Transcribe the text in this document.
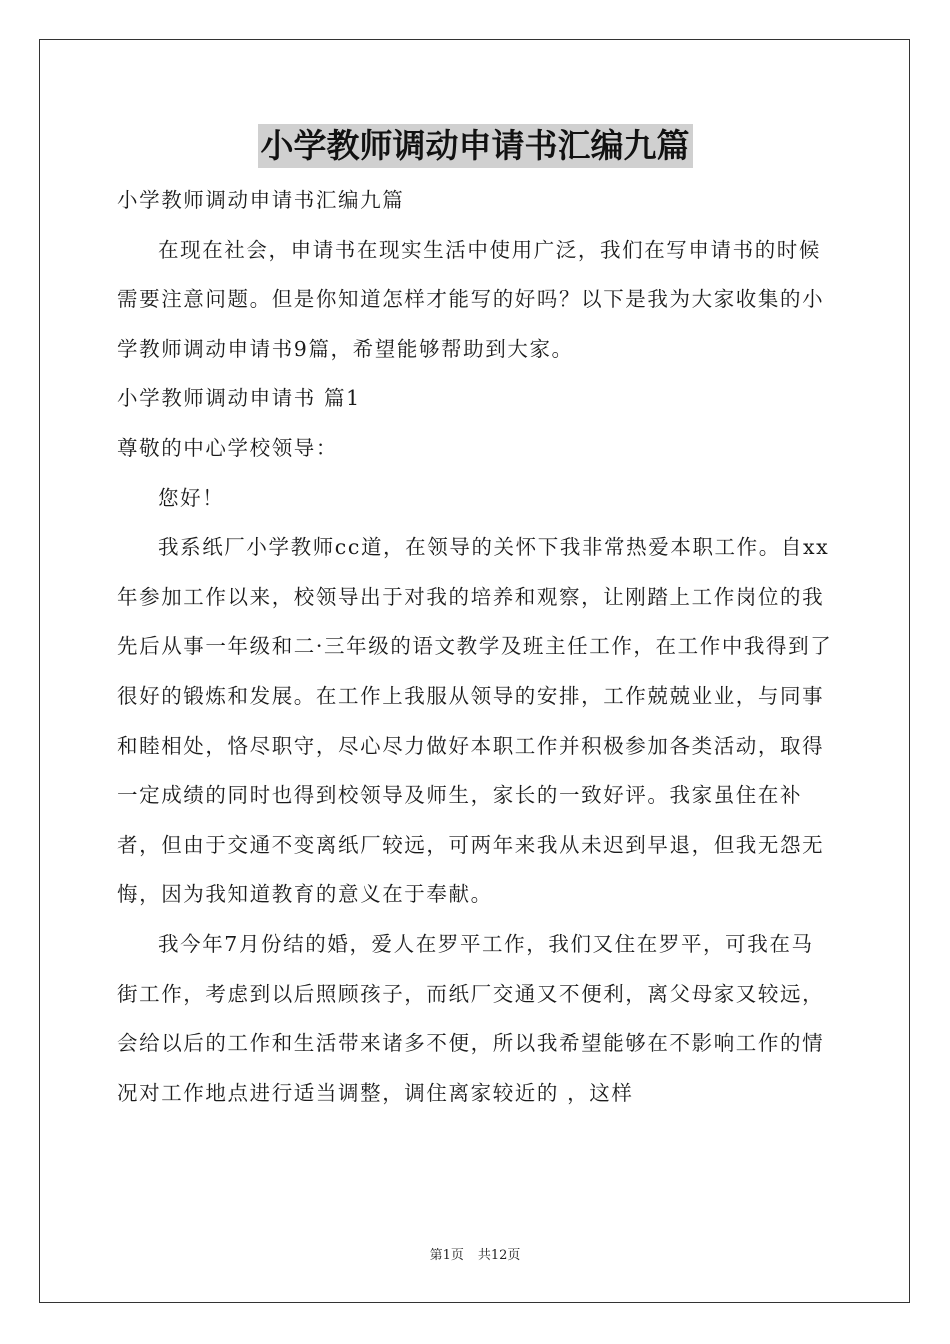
小学教师调动申请书汇编九篇

小学教师调动申请书汇编九篇

在现在社会，申请书在现实生活中使用广泛，我们在写申请书的时候需要注意问题。但是你知道怎样才能写的好吗？以下是我为大家收集的小学教师调动申请书9篇，希望能够帮助到大家。

小学教师调动申请书 篇1

尊敬的中心学校领导：

您好！

我系纸厂小学教师cc道，在领导的关怀下我非常热爱本职工作。自xx年参加工作以来，校领导出于对我的培养和观察，让刚踏上工作岗位的我先后从事一年级和二·三年级的语文教学及班主任工作，在工作中我得到了很好的锻炼和发展。在工作上我服从领导的安排，工作兢兢业业，与同事和睦相处，恪尽职守，尽心尽力做好本职工作并积极参加各类活动，取得一定成绩的同时也得到校领导及师生，家长的一致好评。我家虽住在补者，但由于交通不变离纸厂较远，可两年来我从未迟到早退，但我无怨无悔，因为我知道教育的意义在于奉献。

我今年7月份结的婚，爱人在罗平工作，我们又住在罗平，可我在马街工作，考虑到以后照顾孩子，而纸厂交通又不便利，离父母家又较远，会给以后的工作和生活带来诸多不便，所以我希望能够在不影响工作的情况对工作地点进行适当调整，调住离家较近的 ，这样

第1页 共12页
